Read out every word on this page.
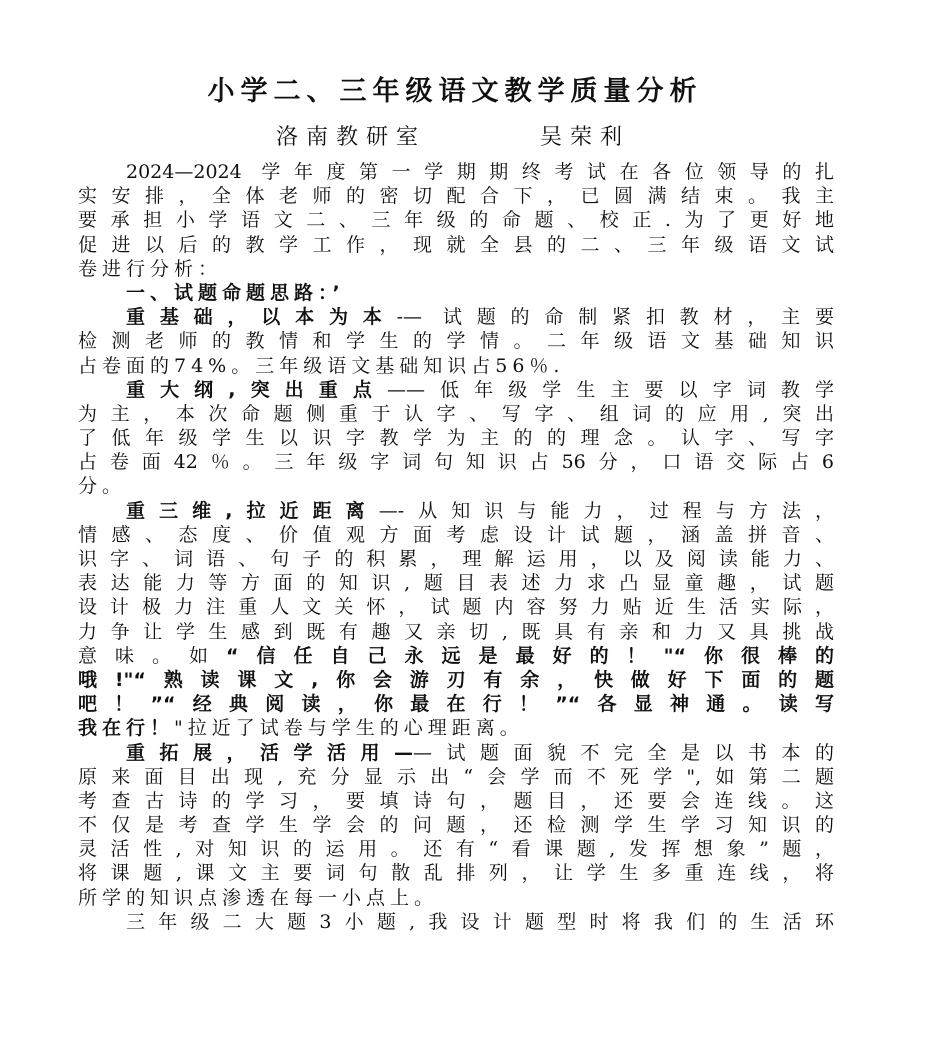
小学二、三年级语文教学质量分析
洛南教研室	吴荣利
2024—2024 学年度第一学期期终考试在各位领导的扎
实安排，全体老师的密切配合下，已圆满结束。我主
要承担小学语文二、三年级的命题、校正.为了更好地
促进以后的教学工作，现就全县的二、三年级语文试
卷进行分析：
一、试题命题思路：’
重基础，以本为本-— 试题的命制紧扣教材，主要
检测老师的教情和学生的学情。二年级语文基础知识
占卷面的74%。三年级语文基础知识占56％.
重大纲,突出重点——低年级学生主要以字词教学
为主，本次命题侧重于认字、写字、组词的应用,突出
了低年级学生以识字教学为主的的理念。认字、写字
占卷面42％。三年级字词句知识占56分，口语交际占6
分。
重三维,拉近距离—-从知识与能力，过程与方法，
情感、态度、价值观方面考虑设计试题，涵盖拼音、
识字、词语、句子的积累，理解运用，以及阅读能力、
表达能力等方面的知识,题目表述力求凸显童趣，试题
设计极力注重人文关怀，试题内容努力贴近生活实际，
力争让学生感到既有趣又亲切,既具有亲和力又具挑战
意味。如“信任自己永远是最好的！"“你很棒的
哦!"“熟读课文,你会游刃有余，快做好下面的题
吧！”“经典阅读，你最在行！”“各显神通。读写
我在行！"拉近了试卷与学生的心理距离。
重拓展，活学活用——试题面貌不完全是以书本的
原来面目出现,充分显示出“会学而不死学",如第二题
考查古诗的学习，要填诗句，题目，还要会连线。这
不仅是考查学生学会的问题，还检测学生学习知识的
灵活性,对知识的运用。还有“看课题,发挥想象”题，
将课题,课文主要词句散乱排列，让学生多重连线，将
所学的知识点渗透在每一小点上。
三年级二大题3小题,我设计题型时将我们的生活环
